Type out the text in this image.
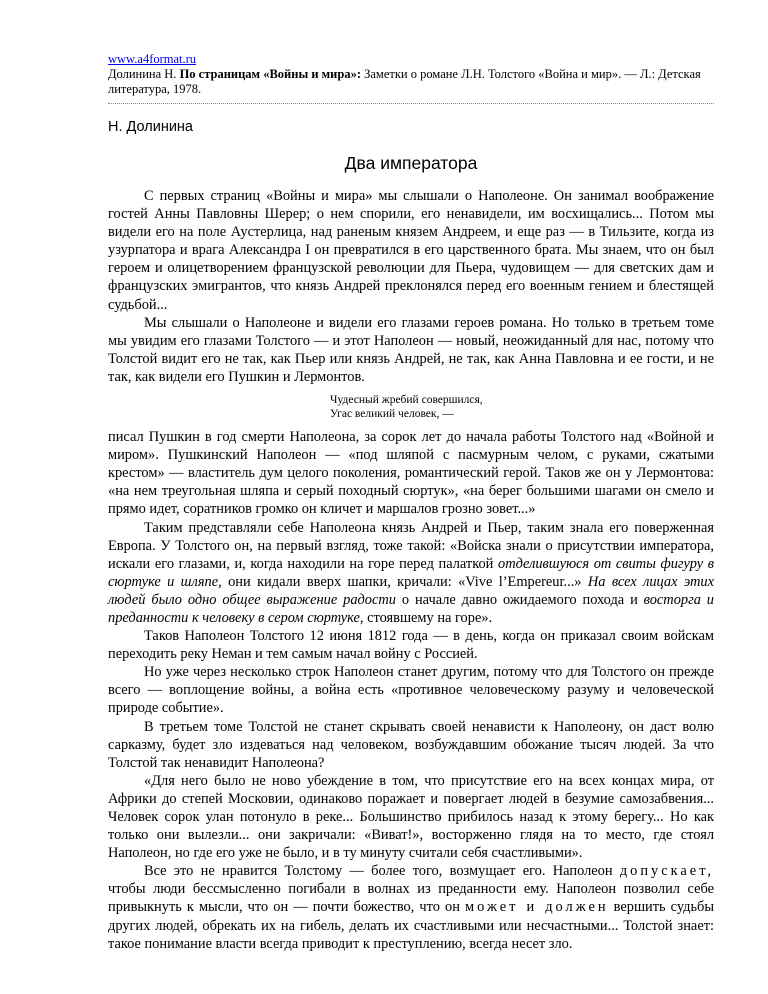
www.a4format.ru
Долинина Н. По страницам «Войны и мира»: Заметки о романе Л.Н. Толстого «Война и мир». — Л.: Детская литература, 1978.
Н. Долинина
Два императора

С первых страниц «Войны и мира» мы слышали о Наполеоне. Он занимал воображение гостей Анны Павловны Шерер; о нем спорили, его ненавидели, им восхищались... Потом мы видели его на поле Аустерлица, над раненым князем Андреем, и еще раз — в Тильзите, когда из узурпатора и врага Александра I он превратился в его царственного брата. Мы знаем, что он был героем и олицетворением французской революции для Пьера, чудовищем — для светских дам и французских эмигрантов, что князь Андрей преклонялся перед его военным гением и блестящей судьбой...

Мы слышали о Наполеоне и видели его глазами героев романа. Но только в третьем томе мы увидим его глазами Толстого — и этот Наполеон — новый, неожиданный для нас, потому что Толстой видит его не так, как Пьер или князь Андрей, не так, как Анна Павловна и ее гости, и не так, как видели его Пушкин и Лермонтов.

Чудесный жребий совершился,
Угас великий человек, —

писал Пушкин в год смерти Наполеона, за сорок лет до начала работы Толстого над «Войной и миром». Пушкинский Наполеон — «под шляпой с пасмурным челом, с руками, сжатыми крестом» — властитель дум целого поколения, романтический герой. Таков же он у Лермонтова: «на нем треугольная шляпа и серый походный сюртук», «на берег большими шагами он смело и прямо идет, соратников громко он кличет и маршалов грозно зовет...»

Таким представляли себе Наполеона князь Андрей и Пьер, таким знала его поверженная Европа. У Толстого он, на первый взгляд, тоже такой: «Войска знали о присутствии императора, искали его глазами, и, когда находили на горе перед палаткой отделившуюся от свиты фигуру в сюртуке и шляпе, они кидали вверх шапки, кричали: «Vive l’Empereur...» На всех лицах этих людей было одно общее выражение радости о начале давно ожидаемого похода и восторга и преданности к человеку в сером сюртуке, стоявшему на горе».

Таков Наполеон Толстого 12 июня 1812 года — в день, когда он приказал своим войскам переходить реку Неман и тем самым начал войну с Россией.

Но уже через несколько строк Наполеон станет другим, потому что для Толстого он прежде всего — воплощение войны, а война есть «противное человеческому разуму и человеческой природе событие».

В третьем томе Толстой не станет скрывать своей ненависти к Наполеону, он даст волю сарказму, будет зло издеваться над человеком, возбуждавшим обожание тысяч людей. За что Толстой так ненавидит Наполеона?

«Для него было не ново убеждение в том, что присутствие его на всех концах мира, от Африки до степей Московии, одинаково поражает и повергает людей в безумие самозабвения... Человек сорок улан потонуло в реке... Большинство прибилось назад к этому берегу... Но как только они вылезли... они закричали: «Виват!», восторженно глядя на то место, где стоял Наполеон, но где его уже не было, и в ту минуту считали себя счастливыми».

Все это не нравится Толстому — более того, возмущает его. Наполеон допускает, чтобы люди бессмысленно погибали в волнах из преданности ему. Наполеон позволил себе привыкнуть к мысли, что он — почти божество, что он может и должен вершить судьбы других людей, обрекать их на гибель, делать их счастливыми или несчастными... Толстой знает: такое понимание власти всегда приводит к преступлению, всегда несет зло.
